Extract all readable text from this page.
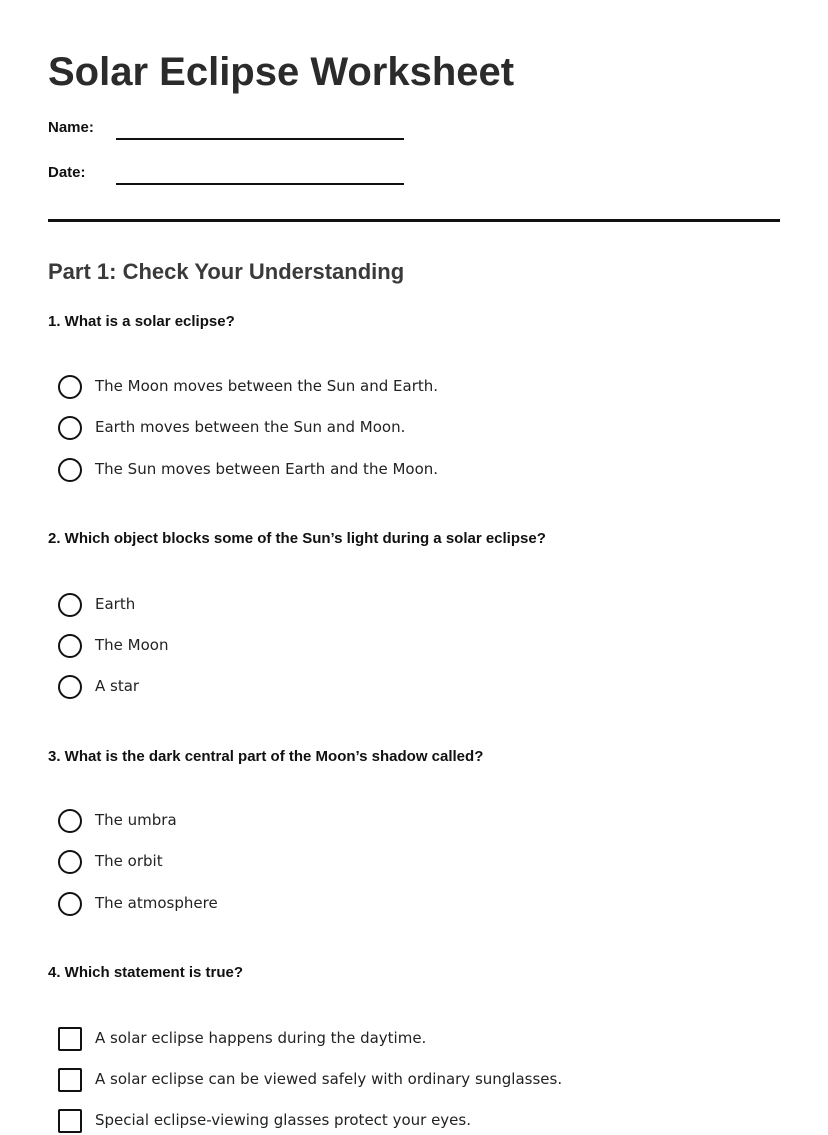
Solar Eclipse Worksheet
Name:
Date:
Part 1: Check Your Understanding
1. What is a solar eclipse?
The Moon moves between the Sun and Earth.
Earth moves between the Sun and Moon.
The Sun moves between Earth and the Moon.
2. Which object blocks some of the Sun’s light during a solar eclipse?
Earth
The Moon
A star
3. What is the dark central part of the Moon’s shadow called?
The umbra
The orbit
The atmosphere
4. Which statement is true?
A solar eclipse happens during the daytime.
A solar eclipse can be viewed safely with ordinary sunglasses.
Special eclipse-viewing glasses protect your eyes.
